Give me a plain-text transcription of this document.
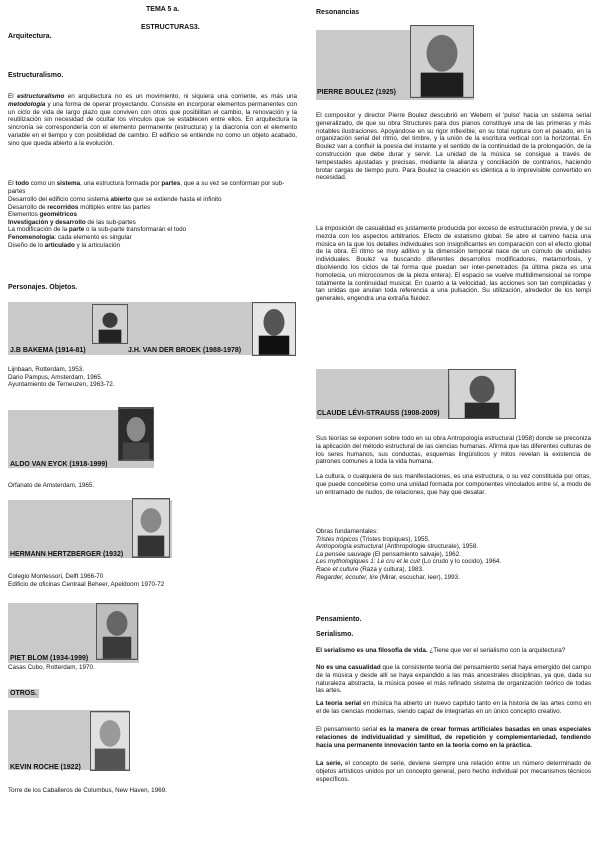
TEMA 5 a.
ESTRUCTURAS3.
Arquitectura.
Resonancias
Estructuralismo.
El estructuralismo en arquitectura no es un movimiento, ni siquiera una corriente, es más una metodología y una forma de operar proyectando. Consiste en incorporar elementos permanentes con un ciclo de vida de largo plazo que conviven con otros que posibilitan el cambio, la renovación y la reutilización sin necesidad de ocultar los vínculos que se establecen entre ellos. En arquitectura la sincronía se correspondería con el elemento permanente (estructura) y la diacronía con el elemento variable en el tiempo y con posibilidad de cambio. El edificio se entiende no como un objeto acabado, sino que queda abierto a la evolución.
El todo como un sistema, una estructura formada por partes, que a su vez se conforman por sub-partes
Desarrollo del edificio como sistema abierto que se extiende hasta el infinito
Desarrollo de recorridos múltiples entre las partes
Elementos geométricos
Investigación y desarrollo de las sub-partes
La modificación de la parte o la sub-parte transformarán el todo
Fenomenología: cada elemento es singular
Diseño de lo articulado y la articulación
Personajes. Objetos.
J.B BAKEMA (1914-81)	J.H. VAN DER BROEK (1988-1978)
Lijnbaan, Rotterdam, 1953.
Dario Pampus, Amsterdam, 1965.
Ayuntamiento de Terneuzen, 1963-72.
ALDO VAN EYCK (1918-1999)
Orfanato de Amsterdam, 1965.
HERMANN HERTZBERGER (1932)
Colegio Montessori, Delft 1966-70
Edificio de oficinas Centraal Beheer, Apeldoorn 1970-72
PIET BLOM (1934-1999)
Casas Cubo, Rotterdam, 1970.
OTROS.
KEVIN ROCHE (1922)
Torre de los Caballeros de Columbus, New Haven, 1969.
PIERRE BOULEZ (1925)
El compositor y director Pierre Boulez descubrió en Webern el 'pulso' hacia un sistema serial generalizado, de que su obra Structures para dos pianos constituye una de las primeras y más notables ilustraciones. Apoyándose en su rigor inflexible, en su total ruptura con el pasado, en la organización serial del ritmo, del timbre, y la unión de la escritura vertical con la horizontal. En Boulez van a confluir la poesía del instante y el sentido de la continuidad de la prolongación, de la construcción que debe durar y servir. La unidad de la música se consigue a través de tempestades ajustadas y precisas, mediante la alianza y conciliación de contrarios, haciendo brotar cargas de tiempo puro. Para Boulez la creación es idéntica a lo imprevisible convertido en necesidad.
La imposición de casualidad es justamente producida por exceso de estructuración previa, y de su mezcla con los aspectos arbitrarios. Efecto de estatismo global. Se abre el camino hacia una música en la que los detalles individuales son insignificantes en comparación con el efecto global de la obra. El ritmo se muy aditivo y la dimensión temporal nace de un cúmulo de unidades individuales. Boulez va buscando diferentes desarrollos modificadores, metamorfosis, y disolviendo los ciclos de tal forma que puedan ser inter-penetrados (la última pieza es una homotecia, un microcosmos de la pieza entera). El espacio se vuelve multidimensional se rompe totalmente la continuidad musical. En cuanto a la velocidad, las acciones son tan complicadas y tan unidas que anulan toda referencia a una pulsación. Su utilización, alrededor de los tempi generales, engendra una extraña fluidez.
CLAUDE LÉVI-STRAUSS (1908-2009)
Sus teorías se exponen sobre todo en su obra Antropología estructural (1958) donde se preconiza la aplicación del método estructural de las ciencias humanas. Afirma que las diferentes culturas de los seres humanos, sus conductas, esquemas lingüísticos y mitos revelan la existencia de patrones comunes a toda la vida humana.
La cultura, o cualquiera de sus manifestaciones, es una estructura, o su vez constituida por otras, que puede concebirse como una unidad formada por componentes vinculados entre sí, a modo de un entramado de nudos, de relaciones, que hay que desatar.
Obras fundamentales:
Tristes trópicos (Tristes tropiques), 1955.
Antropología estructural (Anthropologie structurale), 1958.
La pensée sauvage (El pensamiento salvaje), 1962.
Les mythologiques 1: Le cru et le cuit (Lo crudo y lo cocido), 1964.
Race et culture (Raza y cultura), 1983.
Regarder, écouter, lire (Mirar, escuchar, leer), 1993.
Pensamiento.
Serialismo.
El serialismo es una filosofía de vida. ¿Tiene que ver el serialismo con la arquitectura?
No es una casualidad que la consistente teoría del pensamiento serial haya emergido del campo de la música y desde allí se haya expandido a las más ancestrales disciplinas, ya que, dada su naturaleza abstracta, la música posee el más refinado sistema de organización teórico de todas las artes.
La teoría serial en música ha abierto un nuevo capítulo tanto en la historia de las artes como en el de las ciencias modernas, siendo capaz de integrarlas en un único concepto creativo.
El pensamiento serial es la manera de crear formas artificiales basadas en unas especiales relaciones de individualidad y similitud, de repetición y complementariedad, tendiendo hacia una permanente innovación tanto en la teoría como en la práctica.
La serie, el concepto de serie, deviene siempre una relación entre un número determinado de objetos artísticos unidos por un concepto general, pero hecho individual por mecanismos técnicos específicos.
